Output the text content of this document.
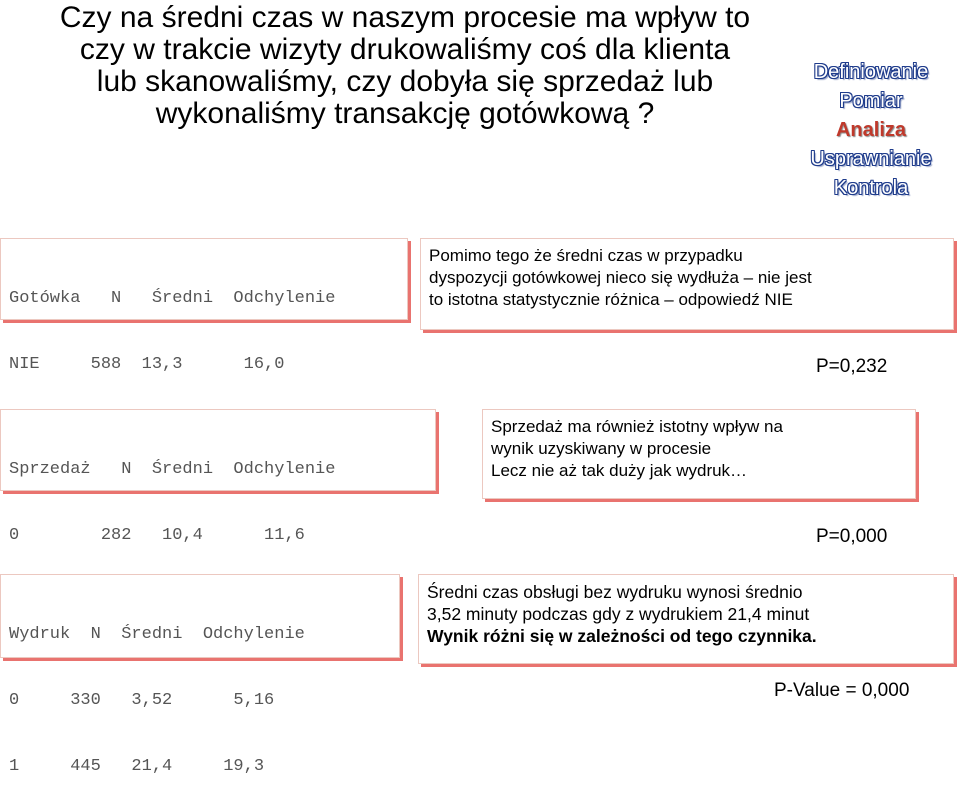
Czy na średni czas w naszym procesie ma wpływ to
czy w trakcie wizyty drukowaliśmy coś dla klienta
lub skanowaliśmy, czy dobyła się sprzedaż lub
wykonaliśmy transakcję gotówkową ?
Definiowanie
Pomiar
Analiza
Usprawnianie
Kontrola

Gotówka   N   Średni  Odchylenie

NIE     588  13,3      16,0

Pomimo tego że średni czas w przypadku
dyspozycji gotówkowej nieco się wydłuża – nie jest
to istotna statystycznie różnica – odpowiedź NIE
P=0,232

Sprzedaż   N  Średni  Odchylenie

0        282   10,4      11,6

Sprzedaż ma również istotny wpływ na
wynik uzyskiwany w procesie
Lecz nie aż tak duży jak wydruk…
P=0,000

Wydruk  N  Średni  Odchylenie

0     330   3,52      5,16

1     445   21,4     19,3

Średni czas obsługi bez wydruku wynosi średnio
3,52 minuty podczas gdy z wydrukiem 21,4 minut
Wynik różni się w zależności od tego czynnika.
P-Value = 0,000
